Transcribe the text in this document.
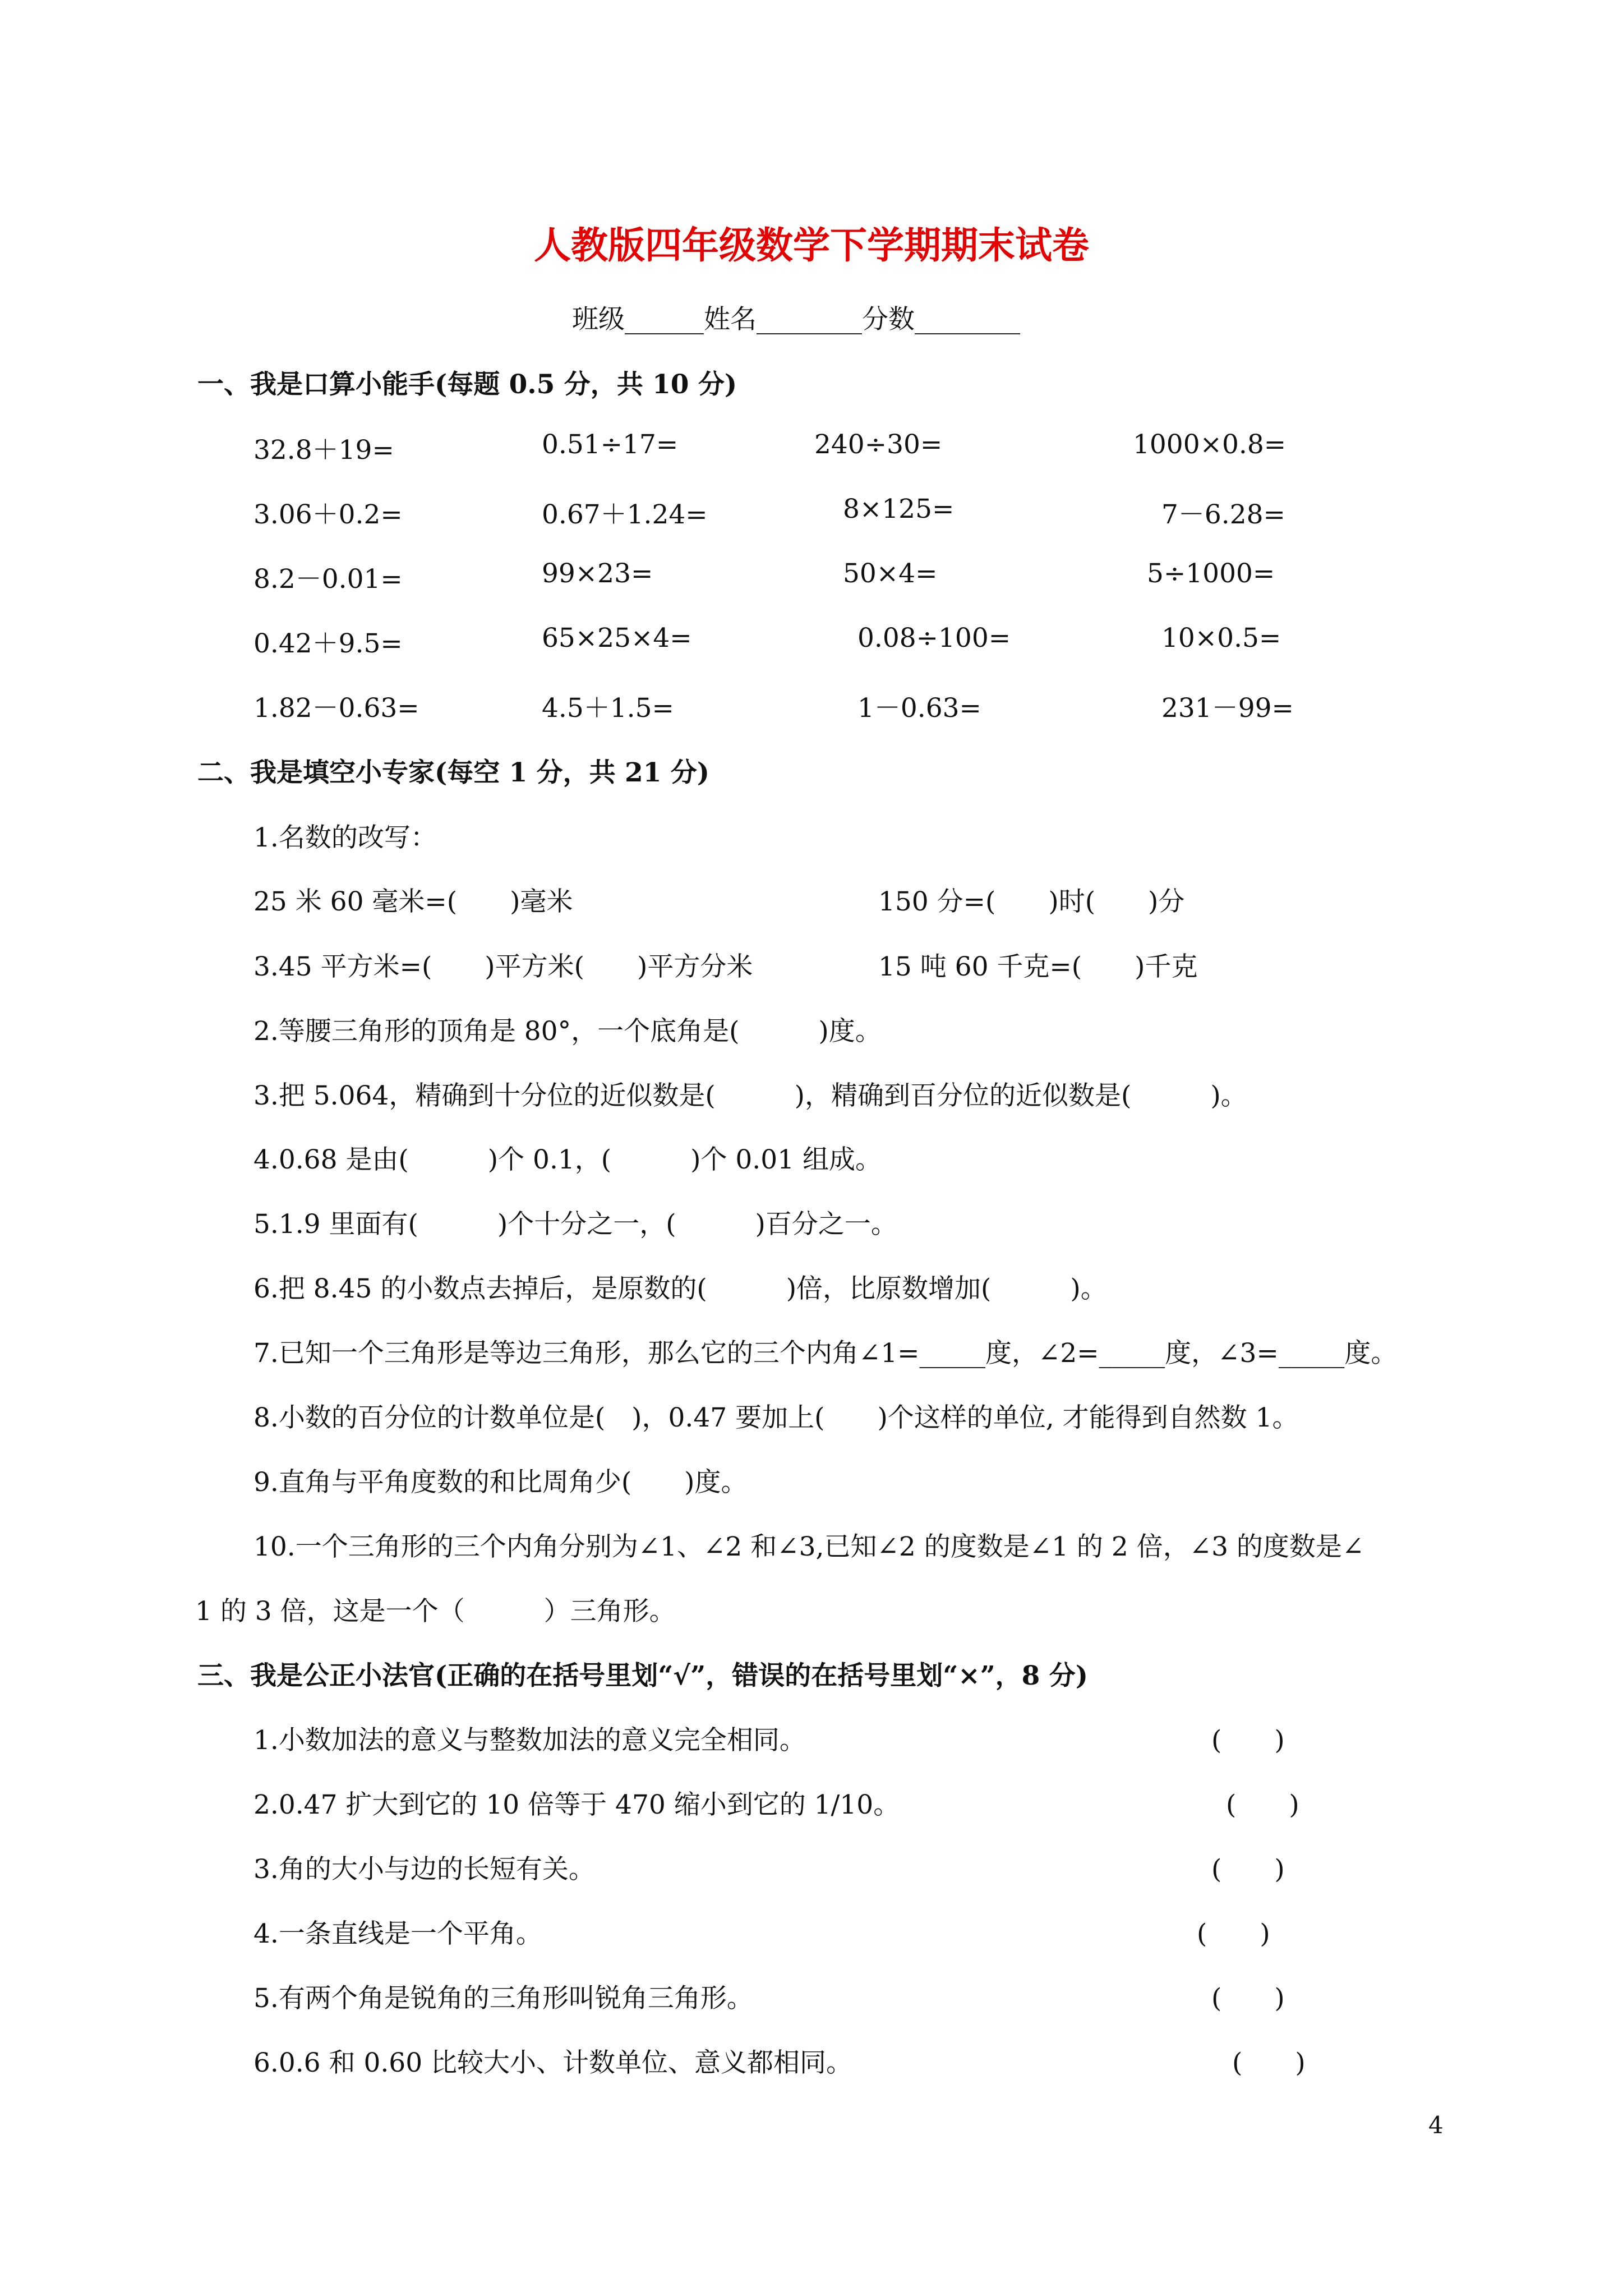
人教版四年级数学下学期期末试卷
班级______姓名________分数________
一、我是口算小能手(每题 0.5 分，共 10 分)
32.8＋19=	0.51÷17=	240÷30=	1000×0.8=
3.06＋0.2=	0.67＋1.24=	8×125=	7－6.28=
8.2－0.01=	99×23=	50×4=	5÷1000=
0.42＋9.5=	65×25×4=	0.08÷100=	10×0.5=
1.82－0.63=	4.5＋1.5=	1－0.63=	231－99=
二、我是填空小专家(每空 1 分，共 21 分)
1.名数的改写：
25 米 60 毫米=(　　)毫米	150 分=(　　)时(　　)分
3.45 平方米=(　　)平方米(　　)平方分米	15 吨 60 千克=(　　)千克
2.等腰三角形的顶角是 80°，一个底角是(　　　)度。
3.把 5.064，精确到十分位的近似数是(　　　)，精确到百分位的近似数是(　　　)。
4.0.68 是由(　　　)个 0.1，(　　　)个 0.01 组成。
5.1.9 里面有(　　　)个十分之一，(　　　)百分之一。
6.把 8.45 的小数点去掉后，是原数的(　　　)倍，比原数增加(　　　)。
7.已知一个三角形是等边三角形，那么它的三个内角∠1=_____度，∠2=_____度，∠3=_____度。
8.小数的百分位的计数单位是(　)，0.47 要加上(　　)个这样的单位, 才能得到自然数 1。
9.直角与平角度数的和比周角少(　　)度。
10.一个三角形的三个内角分别为∠1、∠2 和∠3,已知∠2 的度数是∠1 的 2 倍，∠3 的度数是∠
1 的 3 倍，这是一个（　　　）三角形。
三、我是公正小法官(正确的在括号里划“√”，错误的在括号里划“×”，8 分)
1.小数加法的意义与整数加法的意义完全相同。	(　　)
2.0.47 扩大到它的 10 倍等于 470 缩小到它的 1/10。	(　　)
3.角的大小与边的长短有关。	(　　)
4.一条直线是一个平角。	(　　)
5.有两个角是锐角的三角形叫锐角三角形。	(　　)
6.0.6 和 0.60 比较大小、计数单位、意义都相同。	(　　)
4
